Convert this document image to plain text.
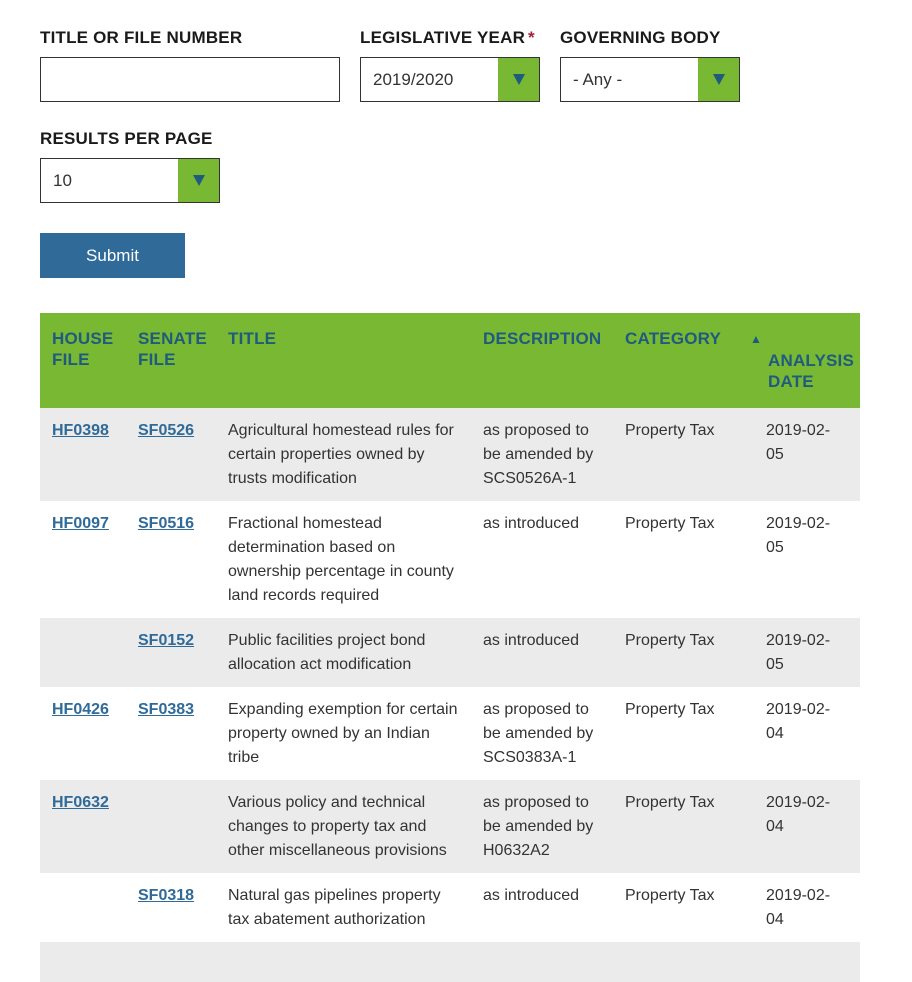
TITLE OR FILE NUMBER	LEGISLATIVE YEAR *
2019/2020
GOVERNING BODY
- Any -
RESULTS PER PAGE
10
Submit
HOUSE
FILE	SENATE
FILE	TITLE	DESCRIPTION	CATEGORY	▲ANALYSIS
DATE
HF0398	SF0526	Agricultural homestead rules for certain properties owned by trusts modification	as proposed to be amended by SCS0526A-1	Property Tax	2019-02-
05
HF0097	SF0516	Fractional homestead determination based on ownership percentage in county land records required	as introduced	Property Tax	2019-02-
05
	SF0152	Public facilities project bond allocation act modification	as introduced	Property Tax	2019-02-
05
HF0426	SF0383	Expanding exemption for certain property owned by an Indian tribe	as proposed to be amended by SCS0383A-1	Property Tax	2019-02-
04
HF0632		Various policy and technical changes to property tax and other miscellaneous provisions	as proposed to be amended by H0632A2	Property Tax	2019-02-
04
	SF0318	Natural gas pipelines property tax abatement authorization	as introduced	Property Tax	2019-02-
04
